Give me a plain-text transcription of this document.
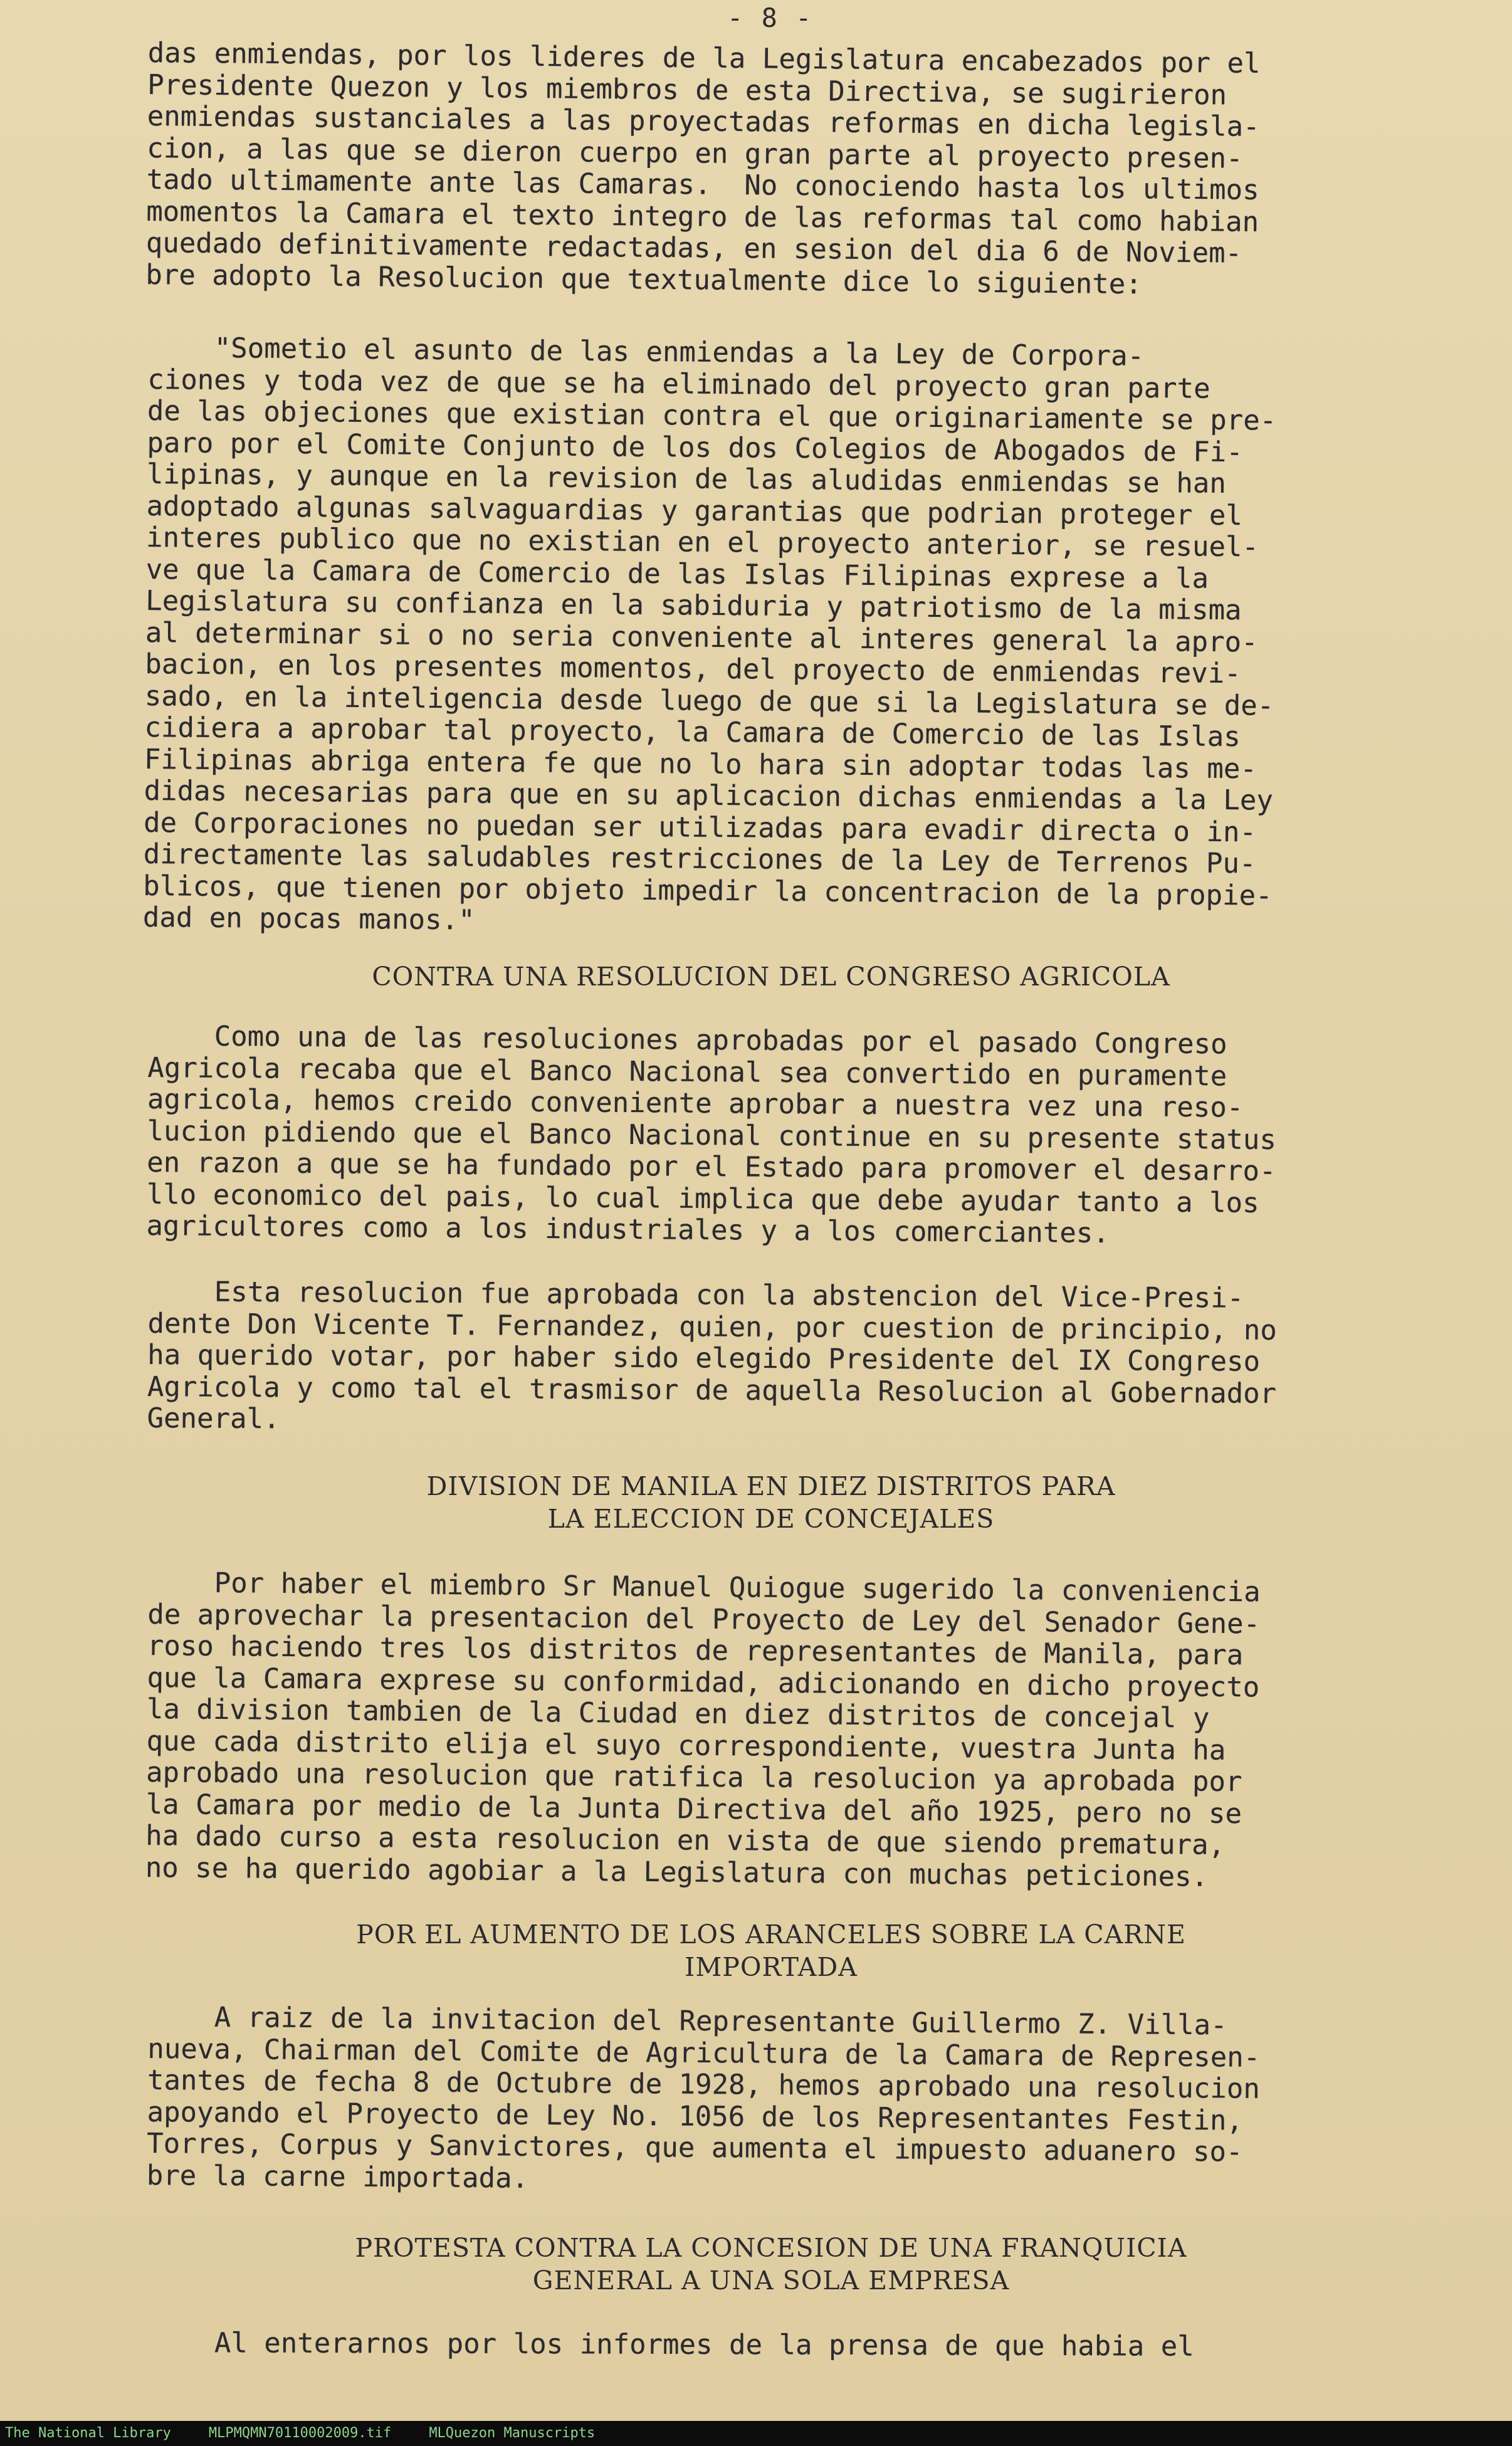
- 8 -
das enmiendas, por los lideres de la Legislatura encabezados por el
Presidente Quezon y los miembros de esta Directiva, se sugirieron
enmiendas sustanciales a las proyectadas reformas en dicha legisla-
cion, a las que se dieron cuerpo en gran parte al proyecto presen-
tado ultimamente ante las Camaras.  No conociendo hasta los ultimos
momentos la Camara el texto integro de las reformas tal como habian
quedado definitivamente redactadas, en sesion del dia 6 de Noviem-
bre adopto la Resolucion que textualmente dice lo siguiente:
"Sometio el asunto de las enmiendas a la Ley de Corpora-
ciones y toda vez de que se ha eliminado del proyecto gran parte
de las objeciones que existian contra el que originariamente se pre-
paro por el Comite Conjunto de los dos Colegios de Abogados de Fi-
lipinas, y aunque en la revision de las aludidas enmiendas se han
adoptado algunas salvaguardias y garantias que podrian proteger el
interes publico que no existian en el proyecto anterior, se resuel-
ve que la Camara de Comercio de las Islas Filipinas exprese a la
Legislatura su confianza en la sabiduria y patriotismo de la misma
al determinar si o no seria conveniente al interes general la apro-
bacion, en los presentes momentos, del proyecto de enmiendas revi-
sado, en la inteligencia desde luego de que si la Legislatura se de-
cidiera a aprobar tal proyecto, la Camara de Comercio de las Islas
Filipinas abriga entera fe que no lo hara sin adoptar todas las me-
didas necesarias para que en su aplicacion dichas enmiendas a la Ley
de Corporaciones no puedan ser utilizadas para evadir directa o in-
directamente las saludables restricciones de la Ley de Terrenos Pu-
blicos, que tienen por objeto impedir la concentracion de la propie-
dad en pocas manos."
CONTRA UNA RESOLUCION DEL CONGRESO AGRICOLA
Como una de las resoluciones aprobadas por el pasado Congreso
Agricola recaba que el Banco Nacional sea convertido en puramente
agricola, hemos creido conveniente aprobar a nuestra vez una reso-
lucion pidiendo que el Banco Nacional continue en su presente status
en razon a que se ha fundado por el Estado para promover el desarro-
llo economico del pais, lo cual implica que debe ayudar tanto a los
agricultores como a los industriales y a los comerciantes.
Esta resolucion fue aprobada con la abstencion del Vice-Presi-
dente Don Vicente T. Fernandez, quien, por cuestion de principio, no
ha querido votar, por haber sido elegido Presidente del IX Congreso
Agricola y como tal el trasmisor de aquella Resolucion al Gobernador
General.
DIVISION DE MANILA EN DIEZ DISTRITOS PARA
LA ELECCION DE CONCEJALES
Por haber el miembro Sr Manuel Quiogue sugerido la conveniencia
de aprovechar la presentacion del Proyecto de Ley del Senador Gene-
roso haciendo tres los distritos de representantes de Manila, para
que la Camara exprese su conformidad, adicionando en dicho proyecto
la division tambien de la Ciudad en diez distritos de concejal y
que cada distrito elija el suyo correspondiente, vuestra Junta ha
aprobado una resolucion que ratifica la resolucion ya aprobada por
la Camara por medio de la Junta Directiva del año 1925, pero no se
ha dado curso a esta resolucion en vista de que siendo prematura,
no se ha querido agobiar a la Legislatura con muchas peticiones.
POR EL AUMENTO DE LOS ARANCELES SOBRE LA CARNE
IMPORTADA
A raiz de la invitacion del Representante Guillermo Z. Villa-
nueva, Chairman del Comite de Agricultura de la Camara de Represen-
tantes de fecha 8 de Octubre de 1928, hemos aprobado una resolucion
apoyando el Proyecto de Ley No. 1056 de los Representantes Festin,
Torres, Corpus y Sanvictores, que aumenta el impuesto aduanero so-
bre la carne importada.
PROTESTA CONTRA LA CONCESION DE UNA FRANQUICIA
GENERAL A UNA SOLA EMPRESA
Al enterarnos por los informes de la prensa de que habia el
The National Library	MLPMQMN70110002009.tif	MLQuezon Manuscripts
